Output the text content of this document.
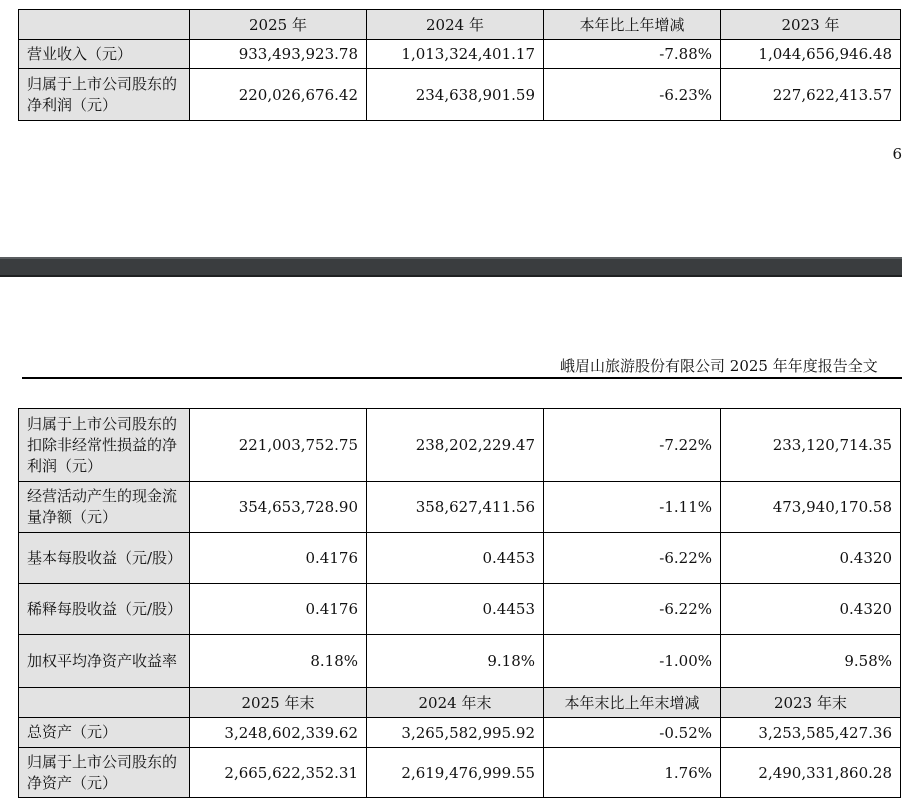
	2025 年	2024 年	本年比上年增减	2023 年
营业收入（元）	933,493,923.78	1,013,324,401.17	-7.88%	1,044,656,946.48
归属于上市公司股东的净利润（元）	220,026,676.42	234,638,901.59	-6.23%	227,622,413.57
6
峨眉山旅游股份有限公司 2025 年年度报告全文
归属于上市公司股东的扣除非经常性损益的净利润（元）	221,003,752.75	238,202,229.47	-7.22%	233,120,714.35
经营活动产生的现金流量净额（元）	354,653,728.90	358,627,411.56	-1.11%	473,940,170.58
基本每股收益（元/股）	0.4176	0.4453	-6.22%	0.4320
稀释每股收益（元/股）	0.4176	0.4453	-6.22%	0.4320
加权平均净资产收益率	8.18%	9.18%	-1.00%	9.58%
	2025 年末	2024 年末	本年末比上年末增减	2023 年末
总资产（元）	3,248,602,339.62	3,265,582,995.92	-0.52%	3,253,585,427.36
归属于上市公司股东的净资产（元）	2,665,622,352.31	2,619,476,999.55	1.76%	2,490,331,860.28
